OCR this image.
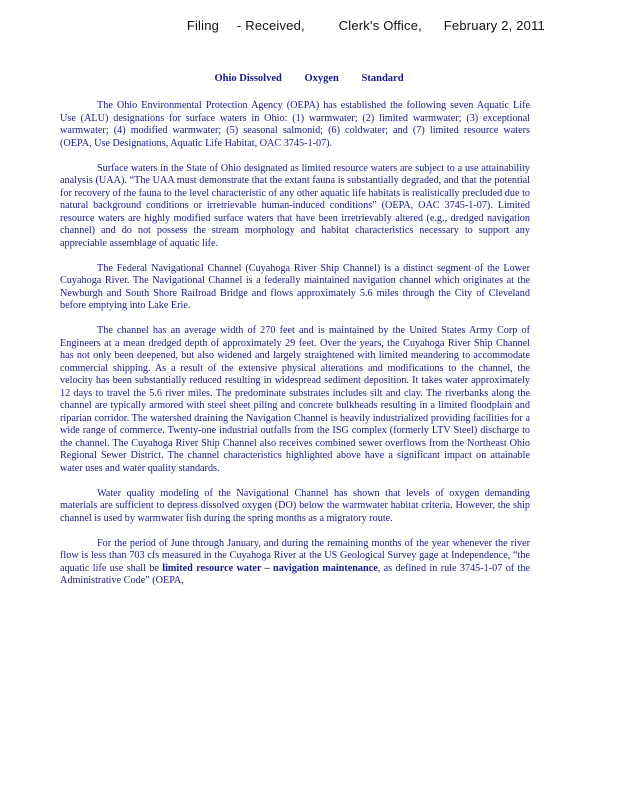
Filing - Received,	Clerk's Office, February 2, 2011
Ohio Dissolved Oxygen Standard

The Ohio Environmental Protection Agency (OEPA) has established the following seven Aquatic Life Use (ALU) designations for surface waters in Ohio: (1) warmwater; (2) limited warmwater; (3) exceptional warmwater; (4) modified warmwater; (5) seasonal salmonid; (6) coldwater; and (7) limited resource waters (OEPA, Use Designations, Aquatic Life Habitat, OAC 3745-1-07).

Surface waters in the State of Ohio designated as limited resource waters are subject to a use attainability analysis (UAA). “The UAA must demonstrate that the extant fauna is substantially degraded, and that the potential for recovery of the fauna to the level characteristic of any other aquatic life habitats is realistically precluded due to natural background conditions or irretrievable human-induced conditions” (OEPA, OAC 3745-1-07). Limited resource waters are highly modified surface waters that have been irretrievably altered (e.g., dredged navigation channel) and do not possess the stream morphology and habitat characteristics necessary to support any appreciable assemblage of aquatic life.

The Federal Navigational Channel (Cuyahoga River Ship Channel) is a distinct segment of the Lower Cuyahoga River. The Navigational Channel is a federally maintained navigation channel which originates at the Newburgh and South Shore Railroad Bridge and flows approximately 5.6 miles through the City of Cleveland before emptying into Lake Erie.

The channel has an average width of 270 feet and is maintained by the United States Army Corp of Engineers at a mean dredged depth of approximately 29 feet. Over the years, the Cuyahoga River Ship Channel has not only been deepened, but also widened and largely straightened with limited meandering to accommodate commercial shipping. As a result of the extensive physical alterations and modifications to the channel, the velocity has been substantially reduced resulting in widespread sediment deposition. It takes water approximately 12 days to travel the 5.6 river miles. The predominate substrates includes silt and clay. The riverbanks along the channel are typically armored with steel sheet piling and concrete bulkheads resulting in a limited floodplain and riparian corridor. The watershed draining the Navigation Channel is heavily industrialized providing facilities for a wide range of commerce. Twenty-one industrial outfalls from the ISG complex (formerly LTV Steel) discharge to the channel. The Cuyahoga River Ship Channel also receives combined sewer overflows from the Northeast Ohio Regional Sewer District. The channel characteristics highlighted above have a significant impact on attainable water uses and water quality standards.

Water quality modeling of the Navigational Channel has shown that levels of oxygen demanding materials are sufficient to depress dissolved oxygen (DO) below the warmwater habitat criteria. However, the ship channel is used by warmwater fish during the spring months as a migratory route.

For the period of June through January, and during the remaining months of the year whenever the river flow is less than 703 cfs measured in the Cuyahoga River at the US Geological Survey gage at Independence, “the aquatic life use shall be limited resource water – navigation maintenance, as defined in rule 3745-1-07 of the Administrative Code” (OEPA,
